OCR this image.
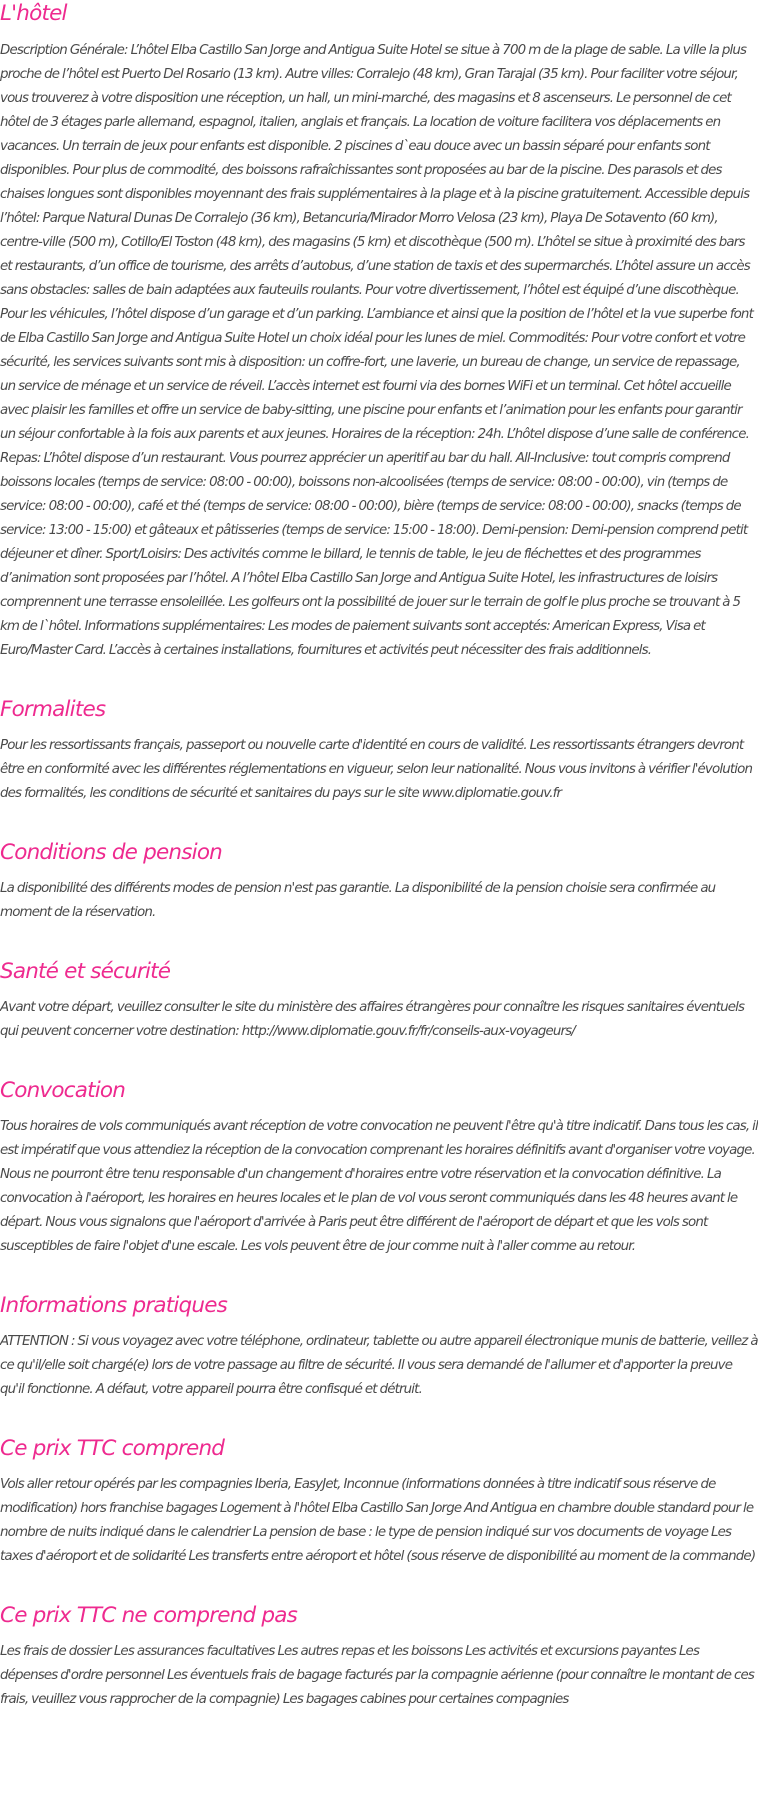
L'hôtel

Description Générale: L’hôtel Elba Castillo San Jorge and Antigua Suite Hotel se situe à 700 m de la plage de sable. La ville la plus proche de l’hôtel est Puerto Del Rosario (13 km). Autre villes: Corralejo (48 km), Gran Tarajal (35 km). Pour faciliter votre séjour, vous trouverez à votre disposition une réception, un hall, un mini-marché, des magasins et 8 ascenseurs. Le personnel de cet hôtel de 3 étages parle allemand, espagnol, italien, anglais et français. La location de voiture facilitera vos déplacements en vacances. Un terrain de jeux pour enfants est disponible. 2 piscines d`eau douce avec un bassin séparé pour enfants sont disponibles. Pour plus de commodité, des boissons rafraîchissantes sont proposées au bar de la piscine. Des parasols et des chaises longues sont disponibles moyennant des frais supplémentaires à la plage et à la piscine gratuitement. Accessible depuis l’hôtel: Parque Natural Dunas De Corralejo (36 km), Betancuria/Mirador Morro Velosa (23 km), Playa De Sotavento (60 km), centre-ville (500 m), Cotillo/El Toston (48 km), des magasins (5 km) et discothèque (500 m). L’hôtel se situe à proximité des bars et restaurants, d’un office de tourisme, des arrêts d’autobus, d’une station de taxis et des supermarchés. L’hôtel assure un accès sans obstacles: salles de bain adaptées aux fauteuils roulants. Pour votre divertissement, l’hôtel est équipé d’une discothèque. Pour les véhicules, l’hôtel dispose d’un garage et d’un parking. L’ambiance et ainsi que la position de l’hôtel et la vue superbe font de Elba Castillo San Jorge and Antigua Suite Hotel un choix idéal pour les lunes de miel. Commodités: Pour votre confort et votre sécurité, les services suivants sont mis à disposition: un coffre-fort, une laverie, un bureau de change, un service de repassage, un service de ménage et un service de réveil. L’accès internet est fourni via des bornes WiFi et un terminal. Cet hôtel accueille avec plaisir les familles et offre un service de baby-sitting, une piscine pour enfants et l’animation pour les enfants pour garantir un séjour confortable à la fois aux parents et aux jeunes. Horaires de la réception: 24h. L’hôtel dispose d’une salle de conférence. Repas: L’hôtel dispose d’un restaurant. Vous pourrez apprécier un aperitif au bar du hall. All-Inclusive: tout compris comprend boissons locales (temps de service: 08:00 - 00:00), boissons non-alcoolisées (temps de service: 08:00 - 00:00), vin (temps de service: 08:00 - 00:00), café et thé (temps de service: 08:00 - 00:00), bière (temps de service: 08:00 - 00:00), snacks (temps de service: 13:00 - 15:00) et gâteaux et pâtisseries (temps de service: 15:00 - 18:00). Demi-pension: Demi-pension comprend petit déjeuner et dîner. Sport/Loisirs: Des activités comme le billard, le tennis de table, le jeu de fléchettes et des programmes d’animation sont proposées par l’hôtel. A l’hôtel Elba Castillo San Jorge and Antigua Suite Hotel, les infrastructures de loisirs comprennent une terrasse ensoleillée. Les golfeurs ont la possibilité de jouer sur le terrain de golf le plus proche se trouvant à 5 km de l`hôtel. Informations supplémentaires: Les modes de paiement suivants sont acceptés: American Express, Visa et Euro/Master Card. L’accès à certaines installations, fournitures et activités peut nécessiter des frais additionnels.

Formalites

Pour les ressortissants français, passeport ou nouvelle carte d'identité en cours de validité. Les ressortissants étrangers devront être en conformité avec les différentes réglementations en vigueur, selon leur nationalité. Nous vous invitons à vérifier l'évolution des formalités, les conditions de sécurité et sanitaires du pays sur le site www.diplomatie.gouv.fr

Conditions de pension

La disponibilité des différents modes de pension n'est pas garantie. La disponibilité de la pension choisie sera confirmée au moment de la réservation.

Santé et sécurité

Avant votre départ, veuillez consulter le site du ministère des affaires étrangères pour connaître les risques sanitaires éventuels qui peuvent concerner votre destination: http://www.diplomatie.gouv.fr/fr/conseils-aux-voyageurs/

Convocation

Tous horaires de vols communiqués avant réception de votre convocation ne peuvent l'être qu'à titre indicatif. Dans tous les cas, il est impératif que vous attendiez la réception de la convocation comprenant les horaires définitifs avant d'organiser votre voyage. Nous ne pourront être tenu responsable d'un changement d'horaires entre votre réservation et la convocation définitive. La convocation à l'aéroport, les horaires en heures locales et le plan de vol vous seront communiqués dans les 48 heures avant le départ. Nous vous signalons que l'aéroport d'arrivée à Paris peut être différent de l'aéroport de départ et que les vols sont susceptibles de faire l'objet d'une escale. Les vols peuvent être de jour comme nuit à l'aller comme au retour.

Informations pratiques

ATTENTION : Si vous voyagez avec votre téléphone, ordinateur, tablette ou autre appareil électronique munis de batterie, veillez à ce qu'il/elle soit chargé(e) lors de votre passage au filtre de sécurité. Il vous sera demandé de l'allumer et d'apporter la preuve qu'il fonctionne. A défaut, votre appareil pourra être confisqué et détruit.

Ce prix TTC comprend

Vols aller retour opérés par les compagnies Iberia, EasyJet, Inconnue (informations données à titre indicatif sous réserve de modification) hors franchise bagages Logement à l'hôtel Elba Castillo San Jorge And Antigua en chambre double standard pour le nombre de nuits indiqué dans le calendrier La pension de base : le type de pension indiqué sur vos documents de voyage Les taxes d'aéroport et de solidarité Les transferts entre aéroport et hôtel (sous réserve de disponibilité au moment de la commande)

Ce prix TTC ne comprend pas

Les frais de dossier Les assurances facultatives Les autres repas et les boissons Les activités et excursions payantes Les dépenses d'ordre personnel Les éventuels frais de bagage facturés par la compagnie aérienne (pour connaître le montant de ces frais, veuillez vous rapprocher de la compagnie) Les bagages cabines pour certaines compagnies
